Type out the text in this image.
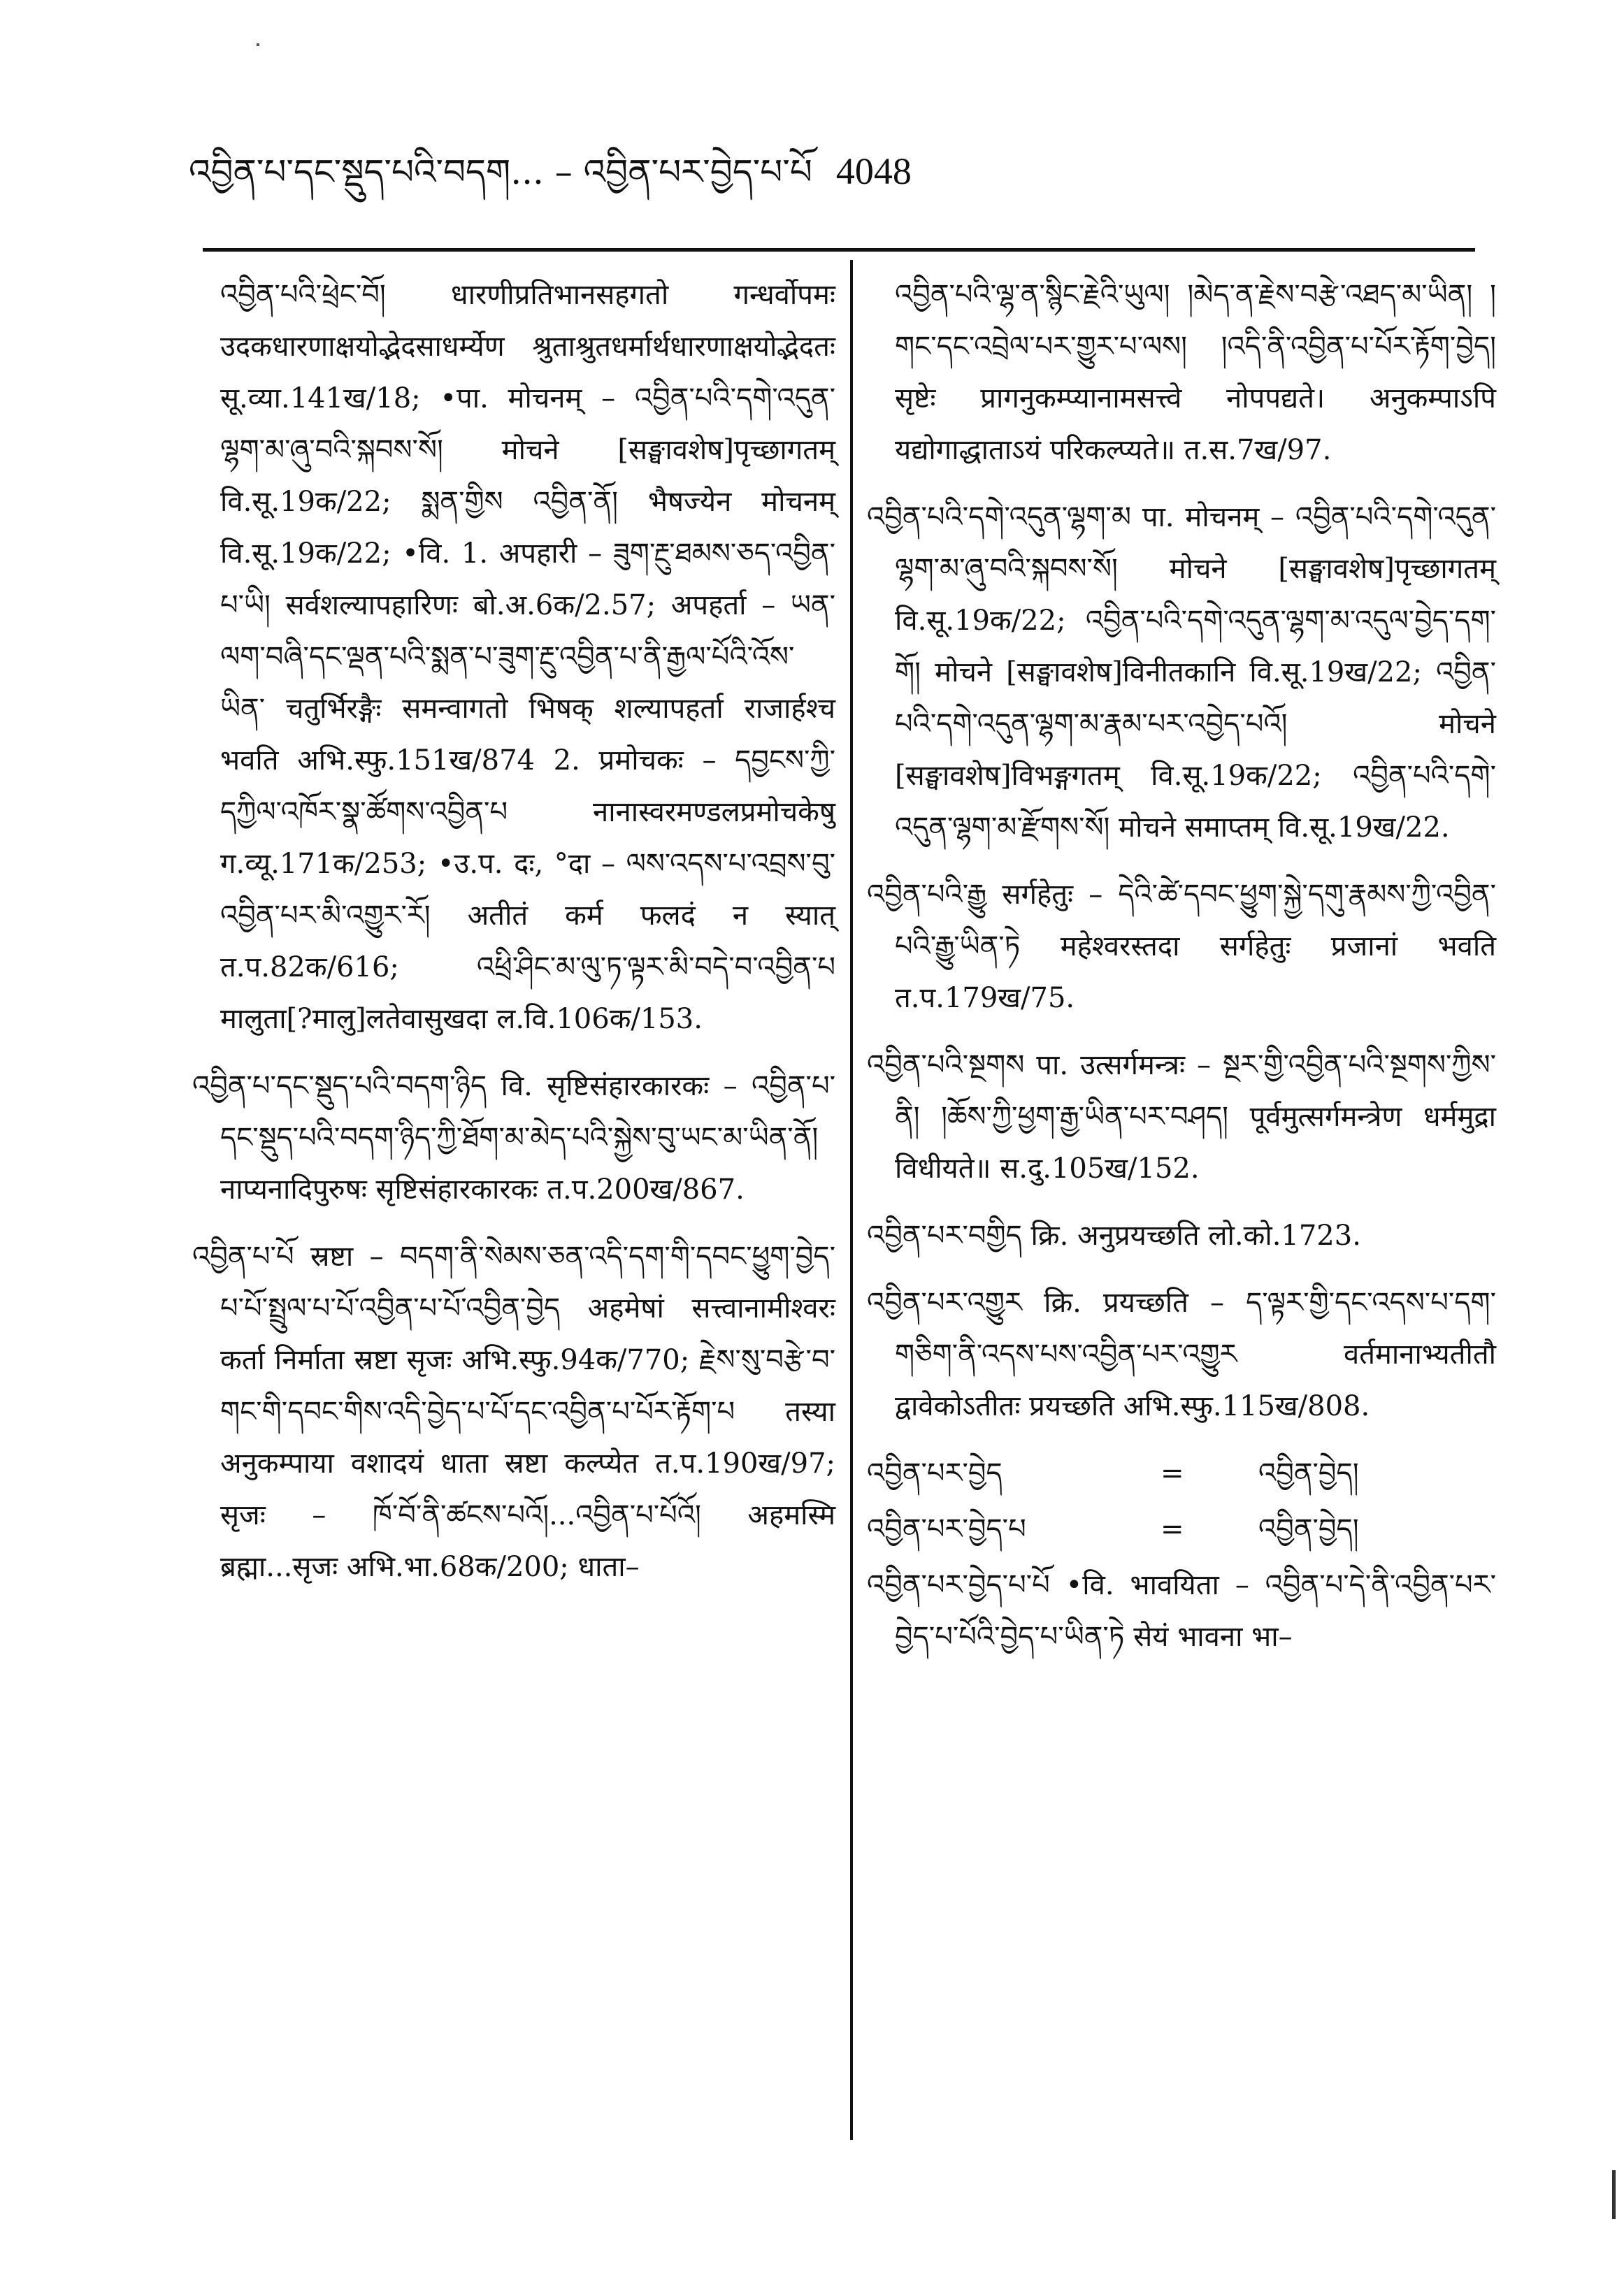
འབྱིན་པ་དང་སྡུད་པའི་བདག... – འབྱིན་པར་བྱེད་པ་པོ 4048

འབྱིན་པའི་ཕྲེང་བོ། धारणीप्रतिभानसहगतो गन्धर्वोपमः उदकधारणाक्षयोद्भेदसाधर्म्येण श्रुताश्रुतधर्मार्थधारणाक्षयोद्भेदतः सू.व्या.141ख/18; •पा. मोचनम् – འབྱིན་པའི་དགེ་འདུན་ལྷག་མ་ཞུ་བའི་སྐབས་སོ། मोचने [सङ्घावशेष]पृच्छागतम् वि.सू.19क/22; སྨན་གྱིས འབྱིན་ནོ། भैषज्येन मोचनम् वि.सू.19क/22; •वि. 1. अपहारी – ཟུག་རྔུ་ཐམས་ཅད་འབྱིན་པ་ཡི། सर्वशल्यापहारिणः बो.अ.6क/2.57; अपहर्ता – ཡན་ལག་བཞི་དང་ལྡན་པའི་སྨན་པ་ཟུག་རྔུ་འབྱིན་པ་ནི་རྒྱལ་པོའི་འོས་ཡིན་ चतुर्भिरङ्गैः समन्वागतो भिषक् शल्यापहर्ता राजार्हश्च भवति अभि.स्फु.151ख/874 2. प्रमोचकः – དབྱངས་ཀྱི་དཀྱིལ་འཁོར་སྣ་ཚོགས་འབྱིན་པ नानास्वरमण्डलप्रमोचकेषु ग.व्यू.171क/253; •उ.प. दः, °दा – ལས་འདས་པ་འབྲས་བུ་འབྱིན་པར་མི་འགྱུར་རོ། अतीतं कर्म फलदं न स्यात् त.प.82क/616; འཕྲི་ཤིང་མ་ལུ་ཏ་ལྟར་མི་བདེ་བ་འབྱིན་པ मालुता[?मालु]लतेवासुखदा ल.वि.106क/153.

འབྱིན་པ་དང་སྡུད་པའི་བདག་ཉིད वि. सृष्टिसंहारकारकः – འབྱིན་པ་དང་སྡུད་པའི་བདག་ཉིད་ཀྱི་ཐོག་མ་མེད་པའི་སྐྱེས་བུ་ཡང་མ་ཡིན་ནོ། नाप्यनादिपुरुषः सृष्टिसंहारकारकः त.प.200ख/867.

འབྱིན་པ་པོ स्रष्टा – བདག་ནི་སེམས་ཅན་འདི་དག་གི་དབང་ཕྱུག་བྱེད་པ་པོ་སྤྲུལ་པ་པོ་འབྱིན་པ་པོ་འབྱིན་བྱེད अहमेषां सत्त्वानामीश्वरः कर्ता निर्माता स्रष्टा सृजः अभि.स्फु.94क/770; རྗེས་སུ་བརྩེ་བ་གང་གི་དབང་གིས་འདི་བྱེད་པ་པོ་དང་འབྱིན་པ་པོར་རྟོག་པ तस्या अनुकम्पाया वशादयं धाता स्रष्टा कल्प्येत त.प.190ख/97; सृजः – ཁོ་བོ་ནི་ཚངས་པའོ།...འབྱིན་པ་པོའོ། अहमस्मि ब्रह्मा...सृजः अभि.भा.68क/200; धाता–

འབྱིན་པའི་ལྷ་ན་སྙིང་རྗེའི་ཡུལ། །མེད་ན་རྗེས་བརྩེ་འཐད་མ་ཡིན། །གང་དང་འབྲེལ་པར་གྱུར་པ་ལས། །འདི་ནི་འབྱིན་པ་པོར་རྟོག་བྱེད། सृष्टेः प्रागनुकम्प्यानामसत्त्वे नोपपद्यते। अनुकम्पाऽपि यद्योगाद्धाताऽयं परिकल्प्यते॥ त.स.7ख/97.

འབྱིན་པའི་དགེ་འདུན་ལྷག་མ पा. मोचनम् – འབྱིན་པའི་དགེ་འདུན་ལྷག་མ་ཞུ་བའི་སྐབས་སོ། मोचने [सङ्घावशेष]पृच्छागतम् वि.सू.19क/22; འབྱིན་པའི་དགེ་འདུན་ལྷག་མ་འདུལ་བྱེད་དག་གོ། मोचने [सङ्घावशेष]विनीतकानि वि.सू.19ख/22; འབྱིན་པའི་དགེ་འདུན་ལྷག་མ་རྣམ་པར་འབྱེད་པའོ། मोचने [सङ्घावशेष]विभङ्गगतम् वि.सू.19क/22; འབྱིན་པའི་དགེ་འདུན་ལྷག་མ་རྫོགས་སོ། मोचने समाप्तम् वि.सू.19ख/22.

འབྱིན་པའི་རྒྱུ सर्गहेतुः – དེའི་ཚེ་དབང་ཕྱུག་སྐྱེ་དགུ་རྣམས་ཀྱི་འབྱིན་པའི་རྒྱུ་ཡིན་ཏེ महेश्वरस्तदा सर्गहेतुः प्रजानां भवति त.प.179ख/75.

འབྱིན་པའི་སྔགས पा. उत्सर्गमन्त्रः – སྔར་གྱི་འབྱིན་པའི་སྔགས་ཀྱིས་ནི། །ཆོས་ཀྱི་ཕྱག་རྒྱ་ཡིན་པར་བཤད། पूर्वमुत्सर्गमन्त्रेण धर्ममुद्रा विधीयते॥ स.दु.105ख/152.

འབྱིན་པར་བགྱིད क्रि. अनुप्रयच्छति लो.को.1723.

འབྱིན་པར་འགྱུར क्रि. प्रयच्छति – ད་ལྟར་གྱི་དང་འདས་པ་དག་གཅིག་ནི་འདས་པས་འབྱིན་པར་འགྱུར वर्तमानाभ्यतीतौ द्वावेकोऽतीतः प्रयच्छति अभि.स्फु.115ख/808.

འབྱིན་པར་བྱེད	=	འབྱིན་བྱེད།
འབྱིན་པར་བྱེད་པ	=	འབྱིན་བྱེད།

འབྱིན་པར་བྱེད་པ་པོ •वि. भावयिता – འབྱིན་པ་དེ་ནི་འབྱིན་པར་བྱེད་པ་པོའི་བྱེད་པ་ཡིན་ཏེ सेयं भावना भा–
